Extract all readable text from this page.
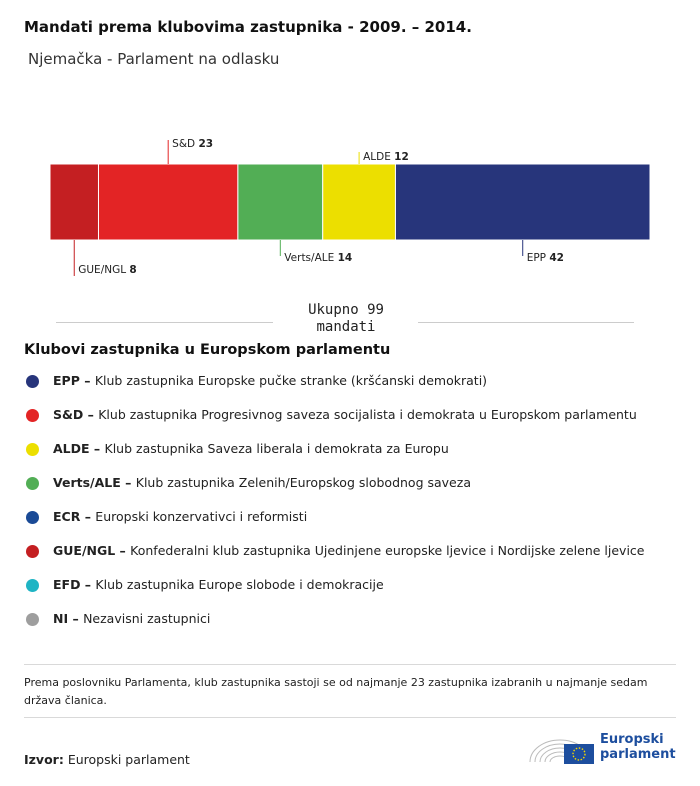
Mandati prema klubovima zastupnika - 2009. – 2014.
Njemačka - Parlament na odlasku
GUE/NGL 8
S&D 23
Verts/ALE 14
ALDE 12
EPP 42
Ukupno 99
mandati
Klubovi zastupnika u Europskom parlamentu
EPP – Klub zastupnika Europske pučke stranke (kršćanski demokrati)
S&D – Klub zastupnika Progresivnog saveza socijalista i demokrata u Europskom parlamentu
ALDE – Klub zastupnika Saveza liberala i demokrata za Europu
Verts/ALE – Klub zastupnika Zelenih/Europskog slobodnog saveza
ECR – Europski konzervativci i reformisti
GUE/NGL – Konfederalni klub zastupnika Ujedinjene europske ljevice i Nordijske zelene ljevice
EFD – Klub zastupnika Europe slobode i demokracije
NI – Nezavisni zastupnici
Prema poslovniku Parlamenta, klub zastupnika sastoji se od najmanje 23 zastupnika izabranih u najmanje sedam država članica.
Izvor: Europski parlament
Europski
parlament
